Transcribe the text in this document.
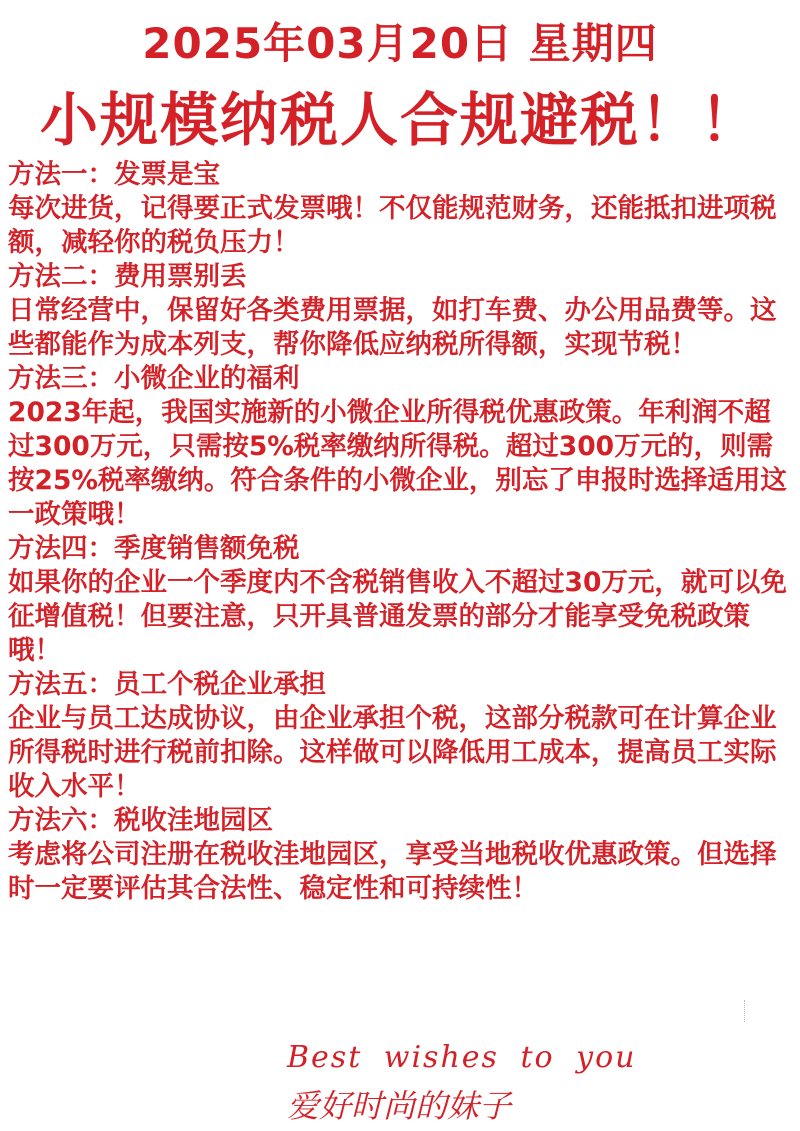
2025年03月20日 星期四
小规模纳税人合规避税！！

方法一：发票是宝

每次进货，记得要正式发票哦！不仅能规范财务，还能抵扣进项税额，减轻你的税负压力！

方法二：费用票别丢

日常经营中，保留好各类费用票据，如打车费、办公用品费等。这些都能作为成本列支，帮你降低应纳税所得额，实现节税！

方法三：小微企业的福利

2023年起，我国实施新的小微企业所得税优惠政策。年利润不超过300万元，只需按5%税率缴纳所得税。超过300万元的，则需按25%税率缴纳。符合条件的小微企业，别忘了申报时选择适用这一政策哦！

方法四：季度销售额免税

如果你的企业一个季度内不含税销售收入不超过30万元，就可以免征增值税！但要注意，只开具普通发票的部分才能享受免税政策哦！

方法五：员工个税企业承担

企业与员工达成协议，由企业承担个税，这部分税款可在计算企业所得税时进行税前扣除。这样做可以降低用工成本，提高员工实际收入水平！

方法六：税收洼地园区

考虑将公司注册在税收洼地园区，享受当地税收优惠政策。但选择时一定要评估其合法性、稳定性和可持续性！

Best wishes to you
爱好时尚的妹子
